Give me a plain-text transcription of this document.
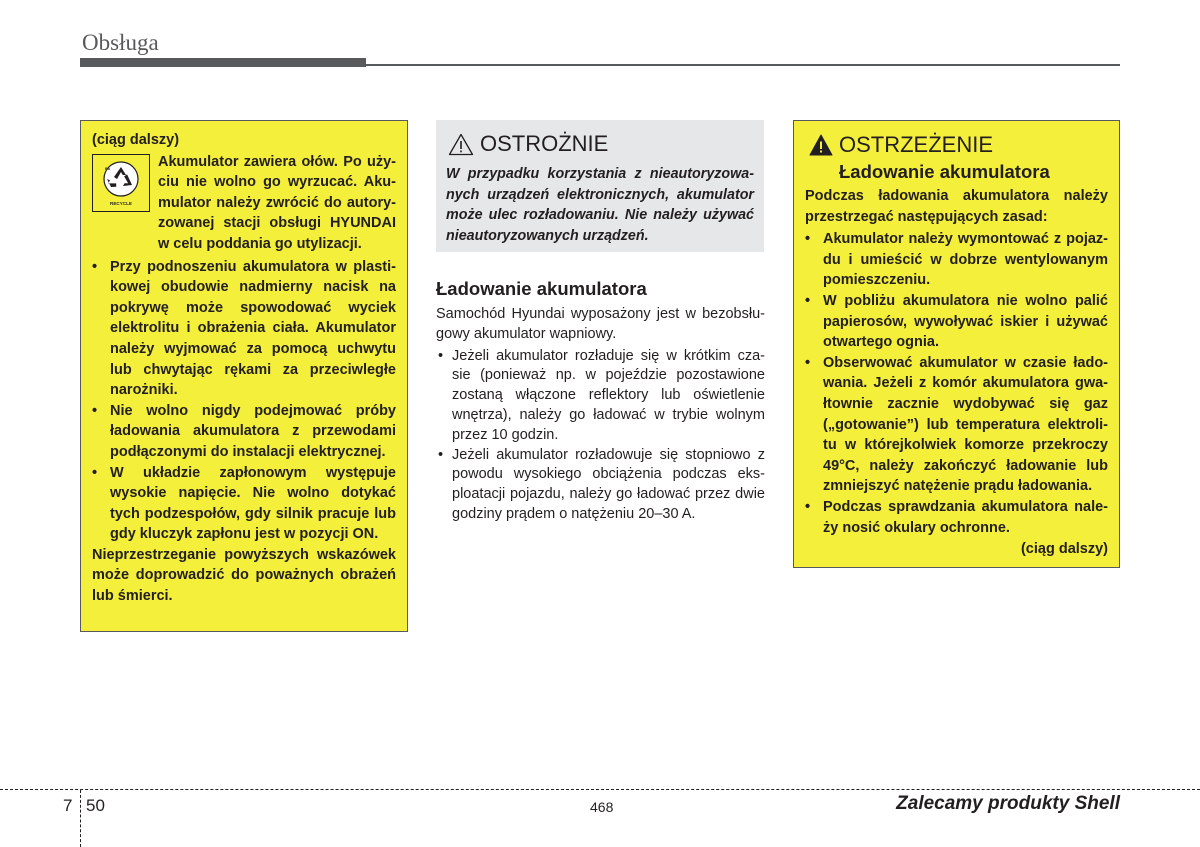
Obsługa
(ciąg dalszy)
Pb
RECYCLE
Akumulator zawiera ołów. Po uży-ciu nie wolno go wyrzucać. Aku-mulator należy zwrócić do autory-zowanej stacji obsługi HYUNDAI w celu poddania go utylizacji.
• Przy podnoszeniu akumulatora w plasti-kowej obudowie nadmierny nacisk na pokrywę może spowodować wyciek elektrolitu i obrażenia ciała. Akumulator należy wyjmować za pomocą uchwytu lub chwytając rękami za przeciwległe narożniki.
• Nie wolno nigdy podejmować próby ładowania akumulatora z przewodami podłączonymi do instalacji elektrycznej.
• W układzie zapłonowym występuje wysokie napięcie. Nie wolno dotykać tych podzespołów, gdy silnik pracuje lub gdy kluczyk zapłonu jest w pozycji ON.
Nieprzestrzeganie powyższych wskazówek może doprowadzić do poważnych obrażeń lub śmierci.
OSTROŻNIE
W przypadku korzystania z nieautoryzowa-nych urządzeń elektronicznych, akumulator może ulec rozładowaniu. Nie należy używać nieautoryzowanych urządzeń.
Ładowanie akumulatora
Samochód Hyundai wyposażony jest w bezobsłu-gowy akumulator wapniowy.
• Jeżeli akumulator rozładuje się w krótkim cza-sie (ponieważ np. w pojeździe pozostawione zostaną włączone reflektory lub oświetlenie wnętrza), należy go ładować w trybie wolnym przez 10 godzin.
• Jeżeli akumulator rozładowuje się stopniowo z powodu wysokiego obciążenia podczas eks-ploatacji pojazdu, należy go ładować przez dwie godziny prądem o natężeniu 20–30 A.
OSTRZEŻENIE
Ładowanie akumulatora
Podczas ładowania akumulatora należy przestrzegać następujących zasad:
• Akumulator należy wymontować z pojaz-du i umieścić w dobrze wentylowanym pomieszczeniu.
• W pobliżu akumulatora nie wolno palić papierosów, wywoływać iskier i używać otwartego ognia.
• Obserwować akumulator w czasie łado-wania. Jeżeli z komór akumulatora gwa-łtownie zacznie wydobywać się gaz („gotowanie”) lub temperatura elektroli-tu w którejkolwiek komorze przekroczy 49°C, należy zakończyć ładowanie lub zmniejszyć natężenie prądu ładowania.
• Podczas sprawdzania akumulatora nale-ży nosić okulary ochronne.
(ciąg dalszy)
7 50	468	Zalecamy produkty Shell
